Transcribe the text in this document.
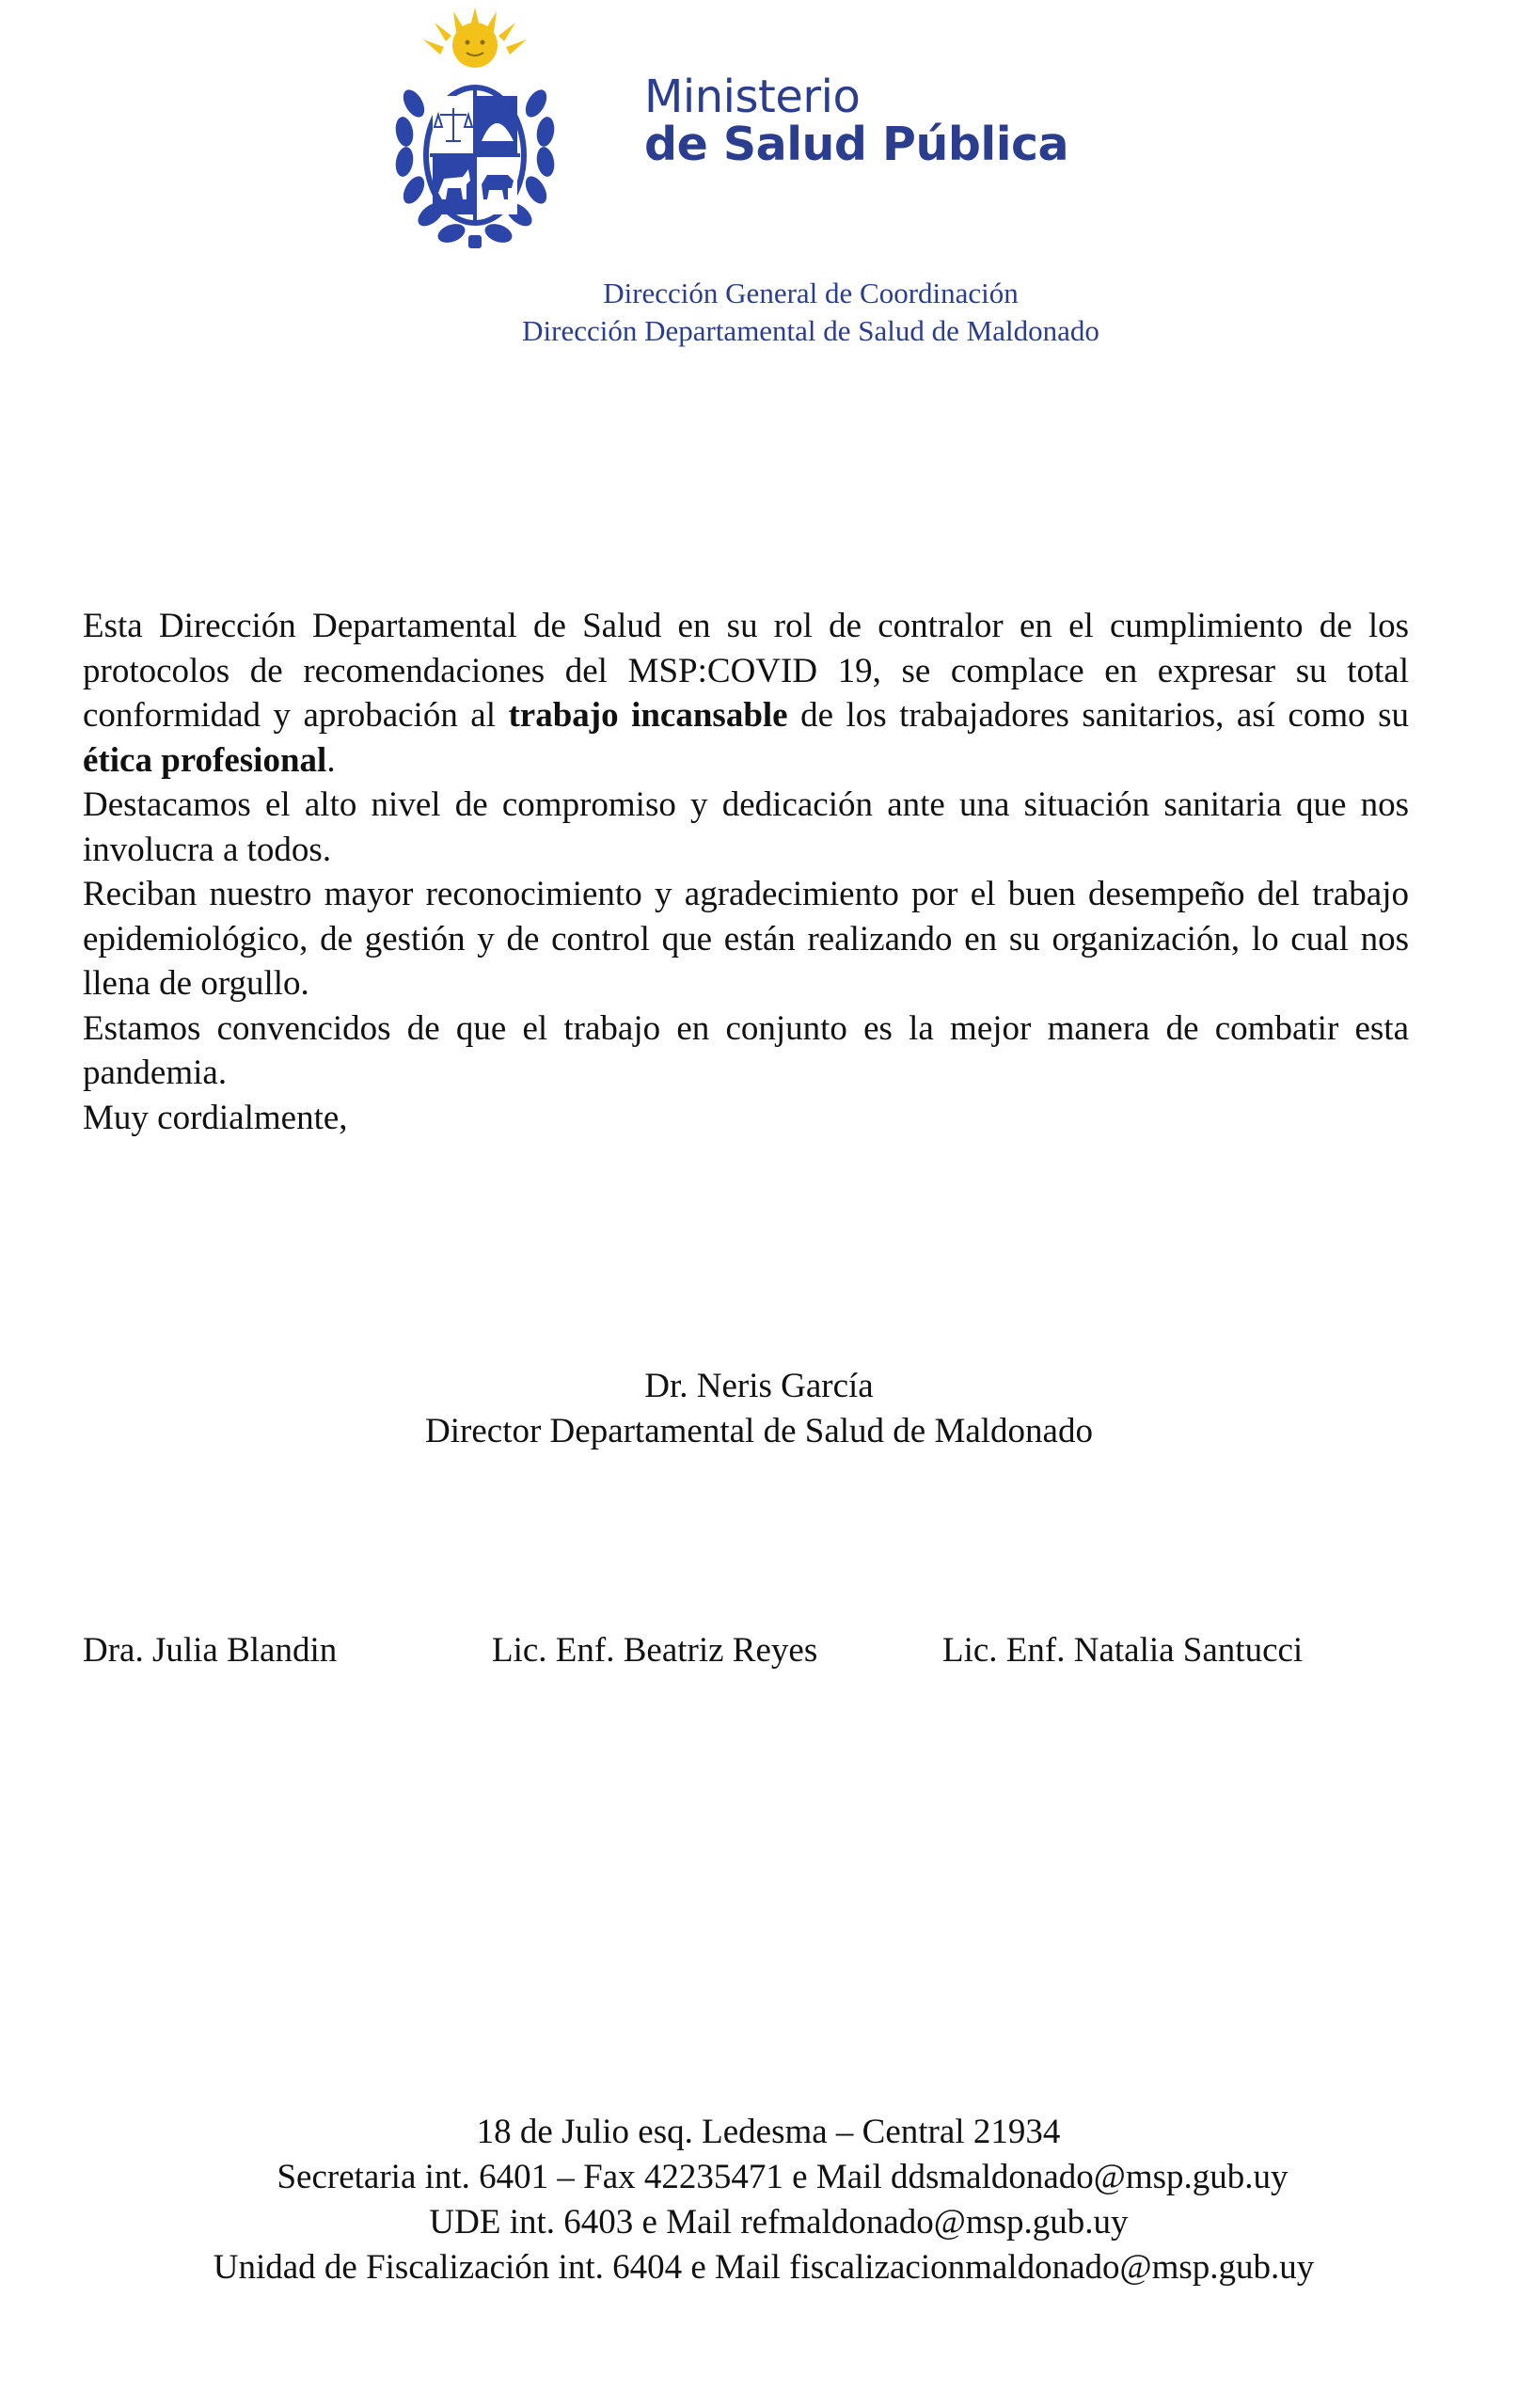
Ministerio
de Salud Pública
Dirección General de Coordinación
Dirección Departamental de Salud de Maldonado

Esta Dirección Departamental de Salud en su rol de contralor en el cumplimiento de los protocolos de recomendaciones del MSP:COVID 19, se complace en expresar su total conformidad y aprobación al trabajo incansable de los trabajadores sanitarios, así como su ética profesional.

Destacamos el alto nivel de compromiso y dedicación ante una situación sanitaria que nos involucra a todos.

Reciban nuestro mayor reconocimiento y agradecimiento por el buen desempeño del trabajo epidemiológico, de gestión y de control que están realizando en su organización, lo cual nos llena de orgullo.

Estamos convencidos de que el trabajo en conjunto es la mejor manera de combatir esta pandemia.

Muy cordialmente,

Dr. Neris García
Director Departamental de Salud de Maldonado
Dra. Julia Blandin	Lic. Enf. Beatriz Reyes	Lic. Enf. Natalia Santucci
18 de Julio esq. Ledesma – Central 21934
Secretaria int. 6401 – Fax 42235471 e Mail ddsmaldonado@msp.gub.uy
UDE int. 6403 e Mail refmaldonado@msp.gub.uy
Unidad de Fiscalización int. 6404 e Mail fiscalizacionmaldonado@msp.gub.uy
